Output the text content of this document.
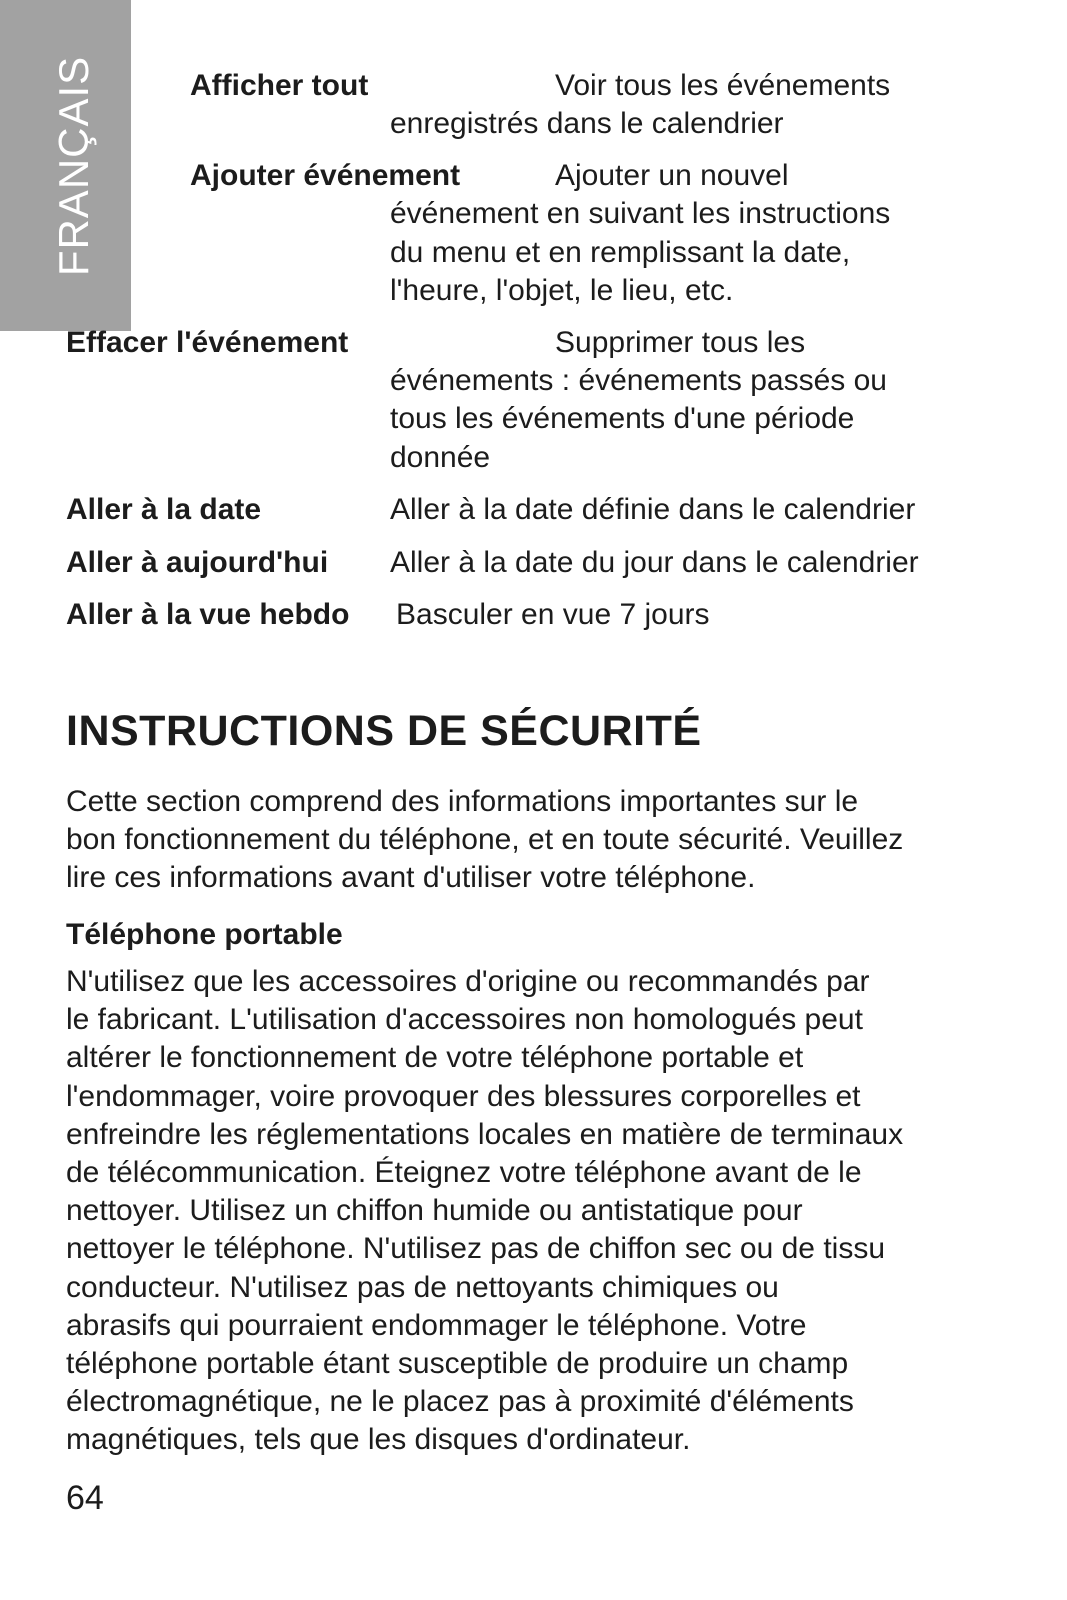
FRANÇAIS	Afficher tout	Voir tous les événements
enregistrés dans le calendrier
Ajouter événement	Ajouter un nouvel
événement en suivant les instructions
du menu et en remplissant la date,
l'heure, l'objet, le lieu, etc.
Effacer l'événement	Supprimer tous les
événements : événements passés ou
tous les événements d'une période
donnée
Aller à la date	Aller à la date définie dans le calendrier
Aller à aujourd'hui Aller à la date du jour dans le calendrier
Aller à la vue hebdo Basculer en vue 7 jours
INSTRUCTIONS DE SÉCURITÉ
Cette section comprend des informations importantes sur le
bon fonctionnement du téléphone, et en toute sécurité. Veuillez
lire ces informations avant d'utiliser votre téléphone.
Téléphone portable
N'utilisez que les accessoires d'origine ou recommandés par
le fabricant. L'utilisation d'accessoires non homologués peut
altérer le fonctionnement de votre téléphone portable et
l'endommager, voire provoquer des blessures corporelles et
enfreindre les réglementations locales en matière de terminaux
de télécommunication. Éteignez votre téléphone avant de le
nettoyer. Utilisez un chiffon humide ou antistatique pour
nettoyer le téléphone. N'utilisez pas de chiffon sec ou de tissu
conducteur. N'utilisez pas de nettoyants chimiques ou
abrasifs qui pourraient endommager le téléphone. Votre
téléphone portable étant susceptible de produire un champ
électromagnétique, ne le placez pas à proximité d'éléments
magnétiques, tels que les disques d'ordinateur.
64
